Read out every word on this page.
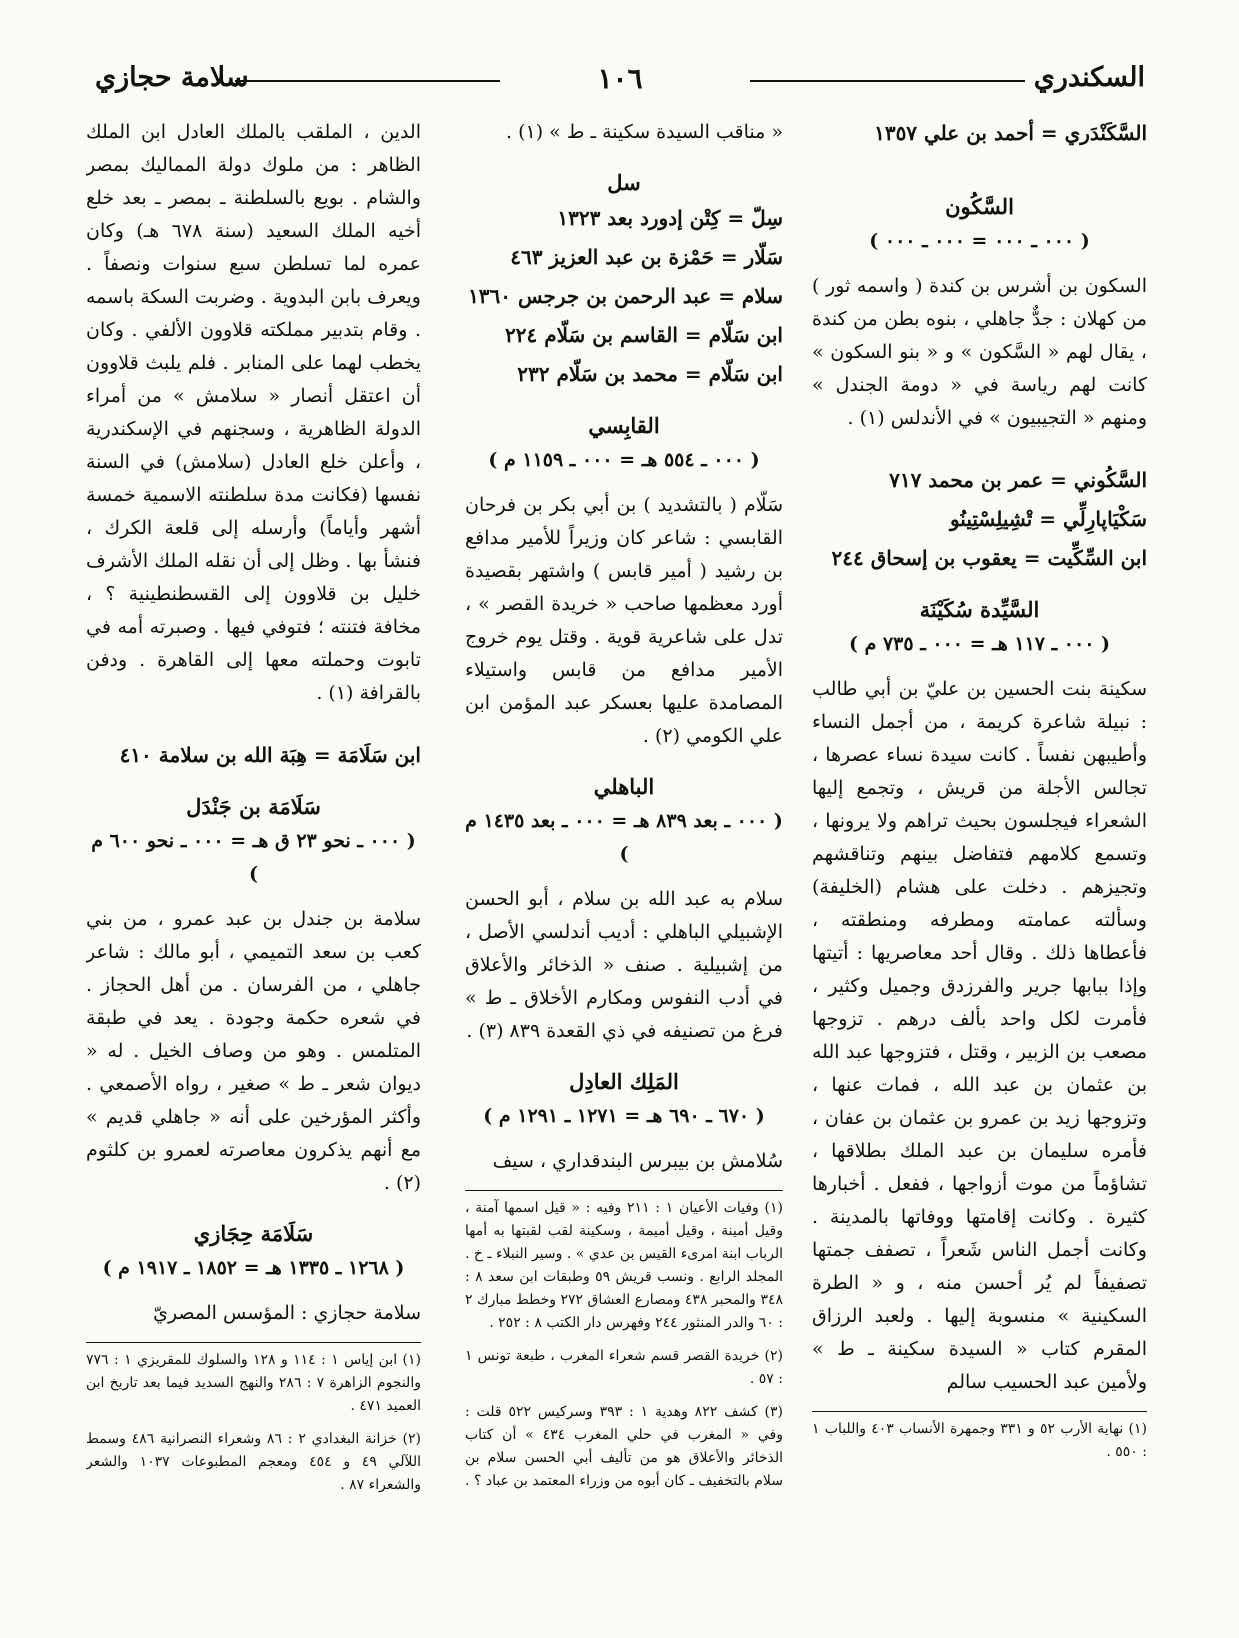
السكندري
١٠٦
سلامة حجازي
السَّكَنْدَري = أحمد بن علي ١٣٥٧
السَّكُون
( ٠٠٠ ـ ٠٠٠ = ٠٠٠ ـ ٠٠٠ )

السكون بن أشرس بن كندة ( واسمه ثور ) من كهلان : جدٌّ جاهلي ، بنوه بطن من كندة ، يقال لهم « السَّكون » و « بنو السكون » كانت لهم رياسة في « دومة الجندل » ومنهم « التجيبيون » في الأندلس (١) .

السَّكُوني = عمر بن محمد ٧١٧
سَكْيَاپارِلِّي = تْشِيلِسْتِينُو
ابن السِّكِّيت = يعقوب بن إسحاق ٢٤٤
السَّيِّدة سُكَيْنَة
( ٠٠٠ ـ ١١٧ هـ = ٠٠٠ ـ ٧٣٥ م )

سكينة بنت الحسين بن عليّ بن أبي طالب : نبيلة شاعرة كريمة ، من أجمل النساء وأطيبهن نفساً . كانت سيدة نساء عصرها ، تجالس الأجلة من قريش ، وتجمع إليها الشعراء فيجلسون بحيث تراهم ولا يرونها ، وتسمع كلامهم فتفاضل بينهم وتناقشهم وتجيزهم . دخلت على هشام (الخليفة) وسألته عمامته ومطرفه ومنطقته ، فأعطاها ذلك . وقال أحد معاصريها : أتيتها وإذا ببابها جرير والفرزدق وجميل وكثير ، فأمرت لكل واحد بألف درهم . تزوجها مصعب بن الزبير ، وقتل ، فتزوجها عبد الله بن عثمان بن عبد الله ، فمات عنها ، وتزوجها زيد بن عمرو بن عثمان بن عفان ، فأمره سليمان بن عبد الملك بطلاقها ، تشاؤماً من موت أزواجها ، ففعل . أخبارها كثيرة . وكانت إقامتها ووفاتها بالمدينة . وكانت أجمل الناس شَعراً ، تصفف جمتها تصفيفاً لم يُر أحسن منه ، و « الطرة السكينية » منسوبة إليها . ولعبد الرزاق المقرم كتاب « السيدة سكينة ـ ط » ولأمين عبد الحسيب سالم

(١) نهاية الأرب ٥٢ و ٣٣١ وجمهرة الأنساب ٤٠٣ واللباب ١ : ٥٥٠ .

« مناقب السيدة سكينة ـ ط » (١) .

سل
سِلّ = كِتْن إدورد بعد ١٣٢٣
سَلّار = حَمْزة بن عبد العزيز ٤٦٣
سلام = عبد الرحمن بن جرجس ١٣٦٠
ابن سَلّام = القاسم بن سَلّام ٢٢٤
ابن سَلّام = محمد بن سَلّام ٢٣٢
القابِسي
( ٠٠٠ ـ ٥٥٤ هـ = ٠٠٠ ـ ١١٥٩ م )

سَلّام ( بالتشديد ) بن أبي بكر بن فرحان القابسي : شاعر كان وزيراً للأمير مدافع بن رشيد ( أمير قابس ) واشتهر بقصيدة أورد معظمها صاحب « خريدة القصر » ، تدل على شاعرية قوية . وقتل يوم خروج الأمير مدافع من قابس واستيلاء المصامدة عليها بعسكر عبد المؤمن ابن علي الكومي (٢) .

الباهلي
( ٠٠٠ ـ بعد ٨٣٩ هـ = ٠٠٠ ـ بعد ١٤٣٥ م )

سلام به عبد الله بن سلام ، أبو الحسن الإشبيلي الباهلي : أديب أندلسي الأصل ، من إشبيلية . صنف « الذخائر والأعلاق في أدب النفوس ومكارم الأخلاق ـ ط » فرغ من تصنيفه في ذي القعدة ٨٣٩ (٣) .

المَلِك العادِل
( ٦٧٠ ـ ٦٩٠ هـ = ١٢٧١ ـ ١٢٩١ م )

سُلامش بن بيبرس البندقداري ، سيف

(١) وفيات الأعيان ١ : ٢١١ وفيه : « قيل اسمها آمنة ، وقيل أمينة ، وقيل أميمة ، وسكينة لقب لقبتها به أمها الرباب ابنة امرىء القيس بن عدي » . وسير النبلاء ـ خ . المجلد الرابع . ونسب قريش ٥٩ وطبقات ابن سعد ٨ : ٣٤٨ والمحبر ٤٣٨ ومصارع العشاق ٢٧٢ وخطط مبارك ٢ : ٦٠ والدر المنثور ٢٤٤ وفهرس دار الكتب ٨ : ٢٥٢ .

(٢) خريدة القصر قسم شعراء المغرب ، طبعة تونس ١ : ٥٧ .

(٣) كشف ٨٢٢ وهدية ١ : ٣٩٣ وسركيس ٥٢٢ قلت : وفي « المغرب في حلي المغرب ٤٣٤ » أن كتاب الذخائر والأعلاق هو من تأليف أبي الحسن سلام بن سلام بالتخفيف ـ كان أبوه من وزراء المعتمد بن عباد ؟ .

الدين ، الملقب بالملك العادل ابن الملك الظاهر : من ملوك دولة المماليك بمصر والشام . بويع بالسلطنة ـ بمصر ـ بعد خلع أخيه الملك السعيد (سنة ٦٧٨ هـ) وكان عمره لما تسلطن سبع سنوات ونصفاً . ويعرف بابن البدوية . وضربت السكة باسمه . وقام بتدبير مملكته قلاوون الألفي . وكان يخطب لهما على المنابر . فلم يلبث قلاوون أن اعتقل أنصار « سلامش » من أمراء الدولة الظاهرية ، وسجنهم في الإسكندرية ، وأعلن خلع العادل (سلامش) في السنة نفسها (فكانت مدة سلطنته الاسمية خمسة أشهر وأياماً) وأرسله إلى قلعة الكرك ، فنشأ بها . وظل إلى أن نقله الملك الأشرف خليل بن قلاوون إلى القسطنطينية ؟ ، مخافة فتنته ؛ فتوفي فيها . وصبرته أمه في تابوت وحملته معها إلى القاهرة . ودفن بالقرافة (١) .

ابن سَلَامَة = هِبَة الله بن سلامة ٤١٠
سَلَامَة بن جَنْدَل
( ٠٠٠ ـ نحو ٢٣ ق هـ = ٠٠٠ ـ نحو ٦٠٠ م )

سلامة بن جندل بن عبد عمرو ، من بني كعب بن سعد التميمي ، أبو مالك : شاعر جاهلي ، من الفرسان . من أهل الحجاز . في شعره حكمة وجودة . يعد في طبقة المتلمس . وهو من وصاف الخيل . له « ديوان شعر ـ ط » صغير ، رواه الأصمعي . وأكثر المؤرخين على أنه « جاهلي قديم » مع أنهم يذكرون معاصرته لعمرو بن كلثوم (٢) .

سَلَامَة حِجَازي
( ١٢٦٨ ـ ١٣٣٥ هـ = ١٨٥٢ ـ ١٩١٧ م )

سلامة حجازي : المؤسس المصريّ

(١) ابن إياس ١ : ١١٤ و ١٢٨ والسلوك للمقريزي ١ : ٧٧٦ والنجوم الزاهرة ٧ : ٢٨٦ والنهج السديد فيما بعد تاريخ ابن العميد ٤٧١ .

(٢) خزانة البغدادي ٢ : ٨٦ وشعراء النصرانية ٤٨٦ وسمط اللآلي ٤٩ و ٤٥٤ ومعجم المطبوعات ١٠٣٧ والشعر والشعراء ٨٧ .
